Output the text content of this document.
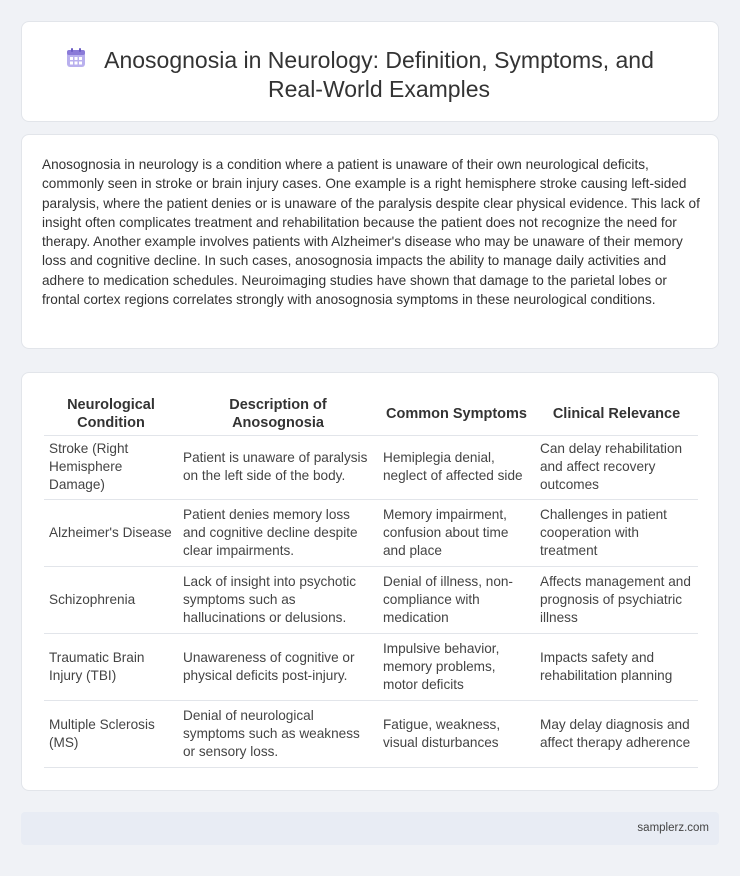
Anosognosia in Neurology: Definition, Symptoms, and Real-World Examples

Anosognosia in neurology is a condition where a patient is unaware of their own neurological deficits, commonly seen in stroke or brain injury cases. One example is a right hemisphere stroke causing left-sided paralysis, where the patient denies or is unaware of the paralysis despite clear physical evidence. This lack of insight often complicates treatment and rehabilitation because the patient does not recognize the need for therapy. Another example involves patients with Alzheimer's disease who may be unaware of their memory loss and cognitive decline. In such cases, anosognosia impacts the ability to manage daily activities and adhere to medication schedules. Neuroimaging studies have shown that damage to the parietal lobes or frontal cortex regions correlates strongly with anosognosia symptoms in these neurological conditions.

Neurological Condition	Description of Anosognosia	Common Symptoms	Clinical Relevance
Stroke (Right Hemisphere Damage)	Patient is unaware of paralysis on the left side of the body.	Hemiplegia denial, neglect of affected side	Can delay rehabilitation and affect recovery outcomes
Alzheimer's Disease	Patient denies memory loss and cognitive decline despite clear impairments.	Memory impairment, confusion about time and place	Challenges in patient cooperation with treatment
Schizophrenia	Lack of insight into psychotic symptoms such as hallucinations or delusions.	Denial of illness, non-compliance with medication	Affects management and prognosis of psychiatric illness
Traumatic Brain Injury (TBI)	Unawareness of cognitive or physical deficits post-injury.	Impulsive behavior, memory problems, motor deficits	Impacts safety and rehabilitation planning
Multiple Sclerosis (MS)	Denial of neurological symptoms such as weakness or sensory loss.	Fatigue, weakness, visual disturbances	May delay diagnosis and affect therapy adherence
samplerz.com
